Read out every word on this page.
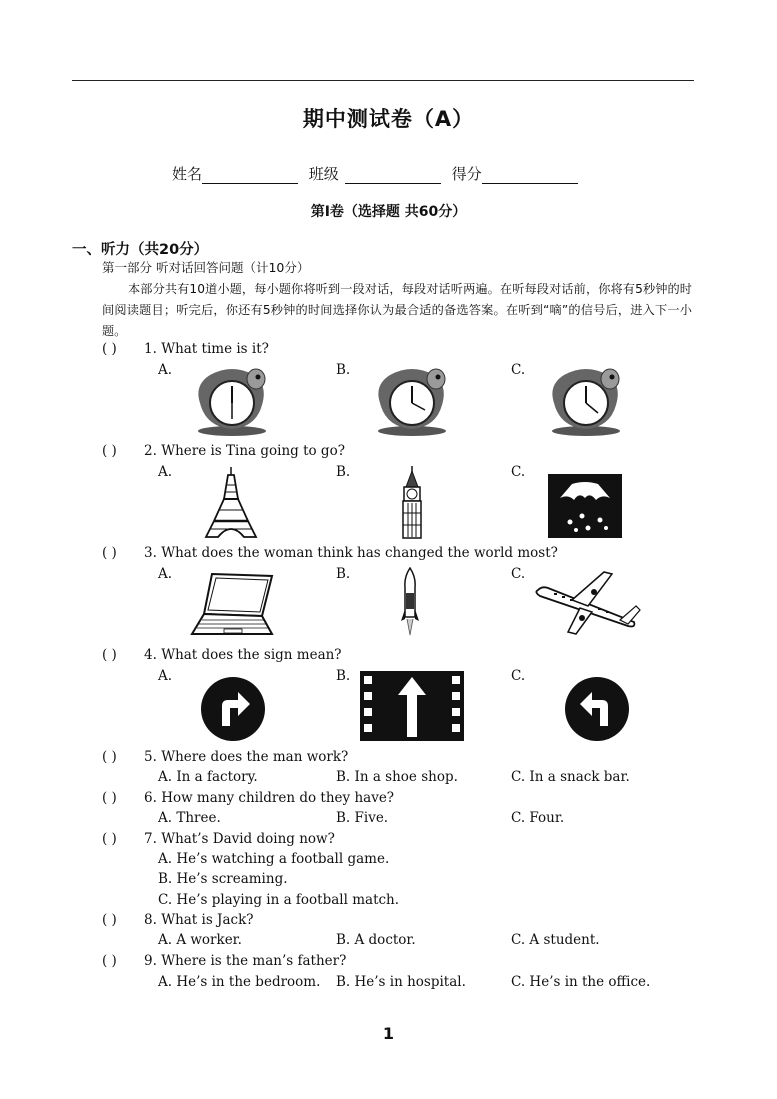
期中测试卷（A）
姓名	班级	得分
第Ⅰ卷（选择题 共60分）
一、听力（共20分）
第一部分 听对话回答问题（计10分）

本部分共有10道小题，每小题你将听到一段对话，每段对话听两遍。在听每段对话前，你将有5秒钟的时间阅读题目；听完后，你还有5秒钟的时间选择你认为最合适的备选答案。在听到“嘀”的信号后，进入下一小题。

( ) 1. What time is it?
A.	B.	C.
( ) 2. Where is Tina going to go?
A.	B.	C.
( ) 3. What does the woman think has changed the world most?
A.	B.	C.
( ) 4. What does the sign mean?
A.	B.	C.
( ) 5. Where does the man work?
A. In a factory.	B. In a shoe shop.	C. In a snack bar.
( ) 6. How many children do they have?
A. Three.	B. Five.	C. Four.
( ) 7. What’s David doing now?
A. He’s watching a football game.
B. He’s screaming.
C. He’s playing in a football match.
( ) 8. What is Jack?
A. A worker.	B. A doctor.	C. A student.
( ) 9. Where is the man’s father?
A. He’s in the bedroom. B. He’s in hospital.	C. He’s in the office.
1
